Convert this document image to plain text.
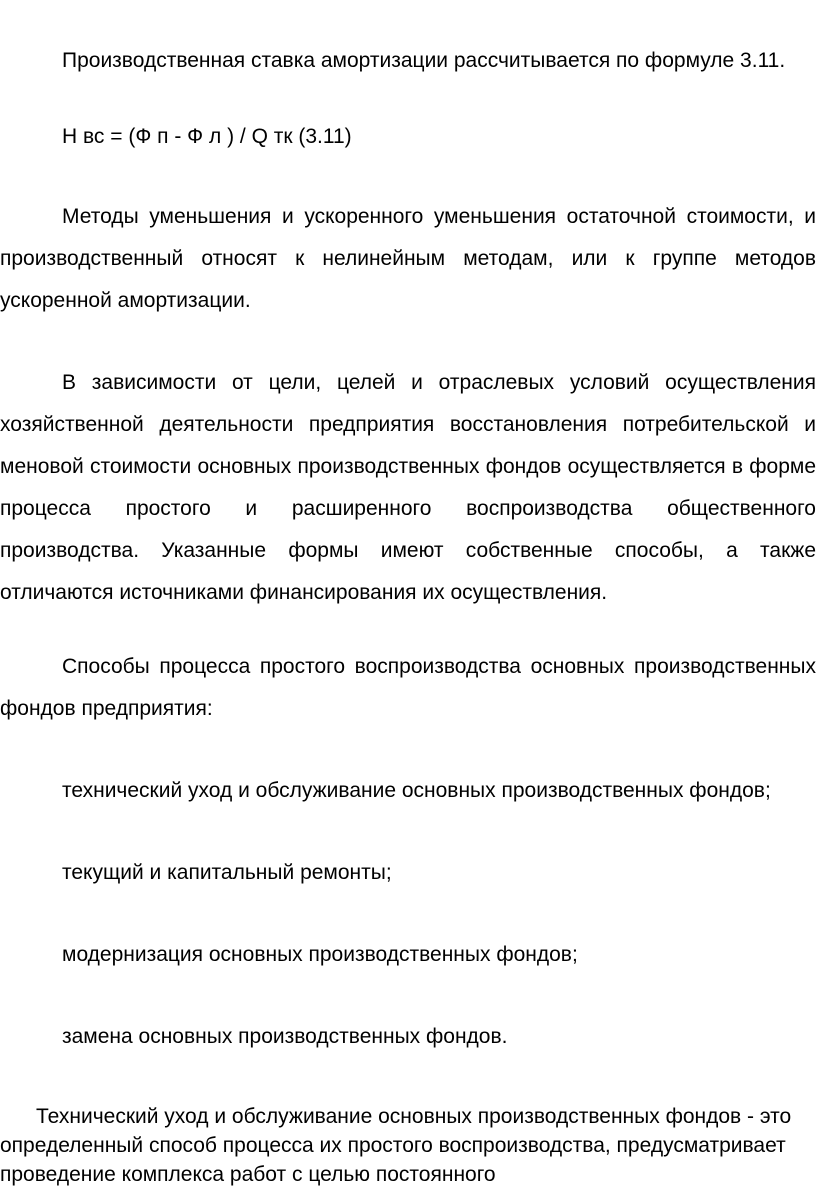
Производственная ставка амортизации рассчитывается по формуле 3.11.

Н вс = (Ф п - Ф л ) / Q тк (3.11)

Методы уменьшения и ускоренного уменьшения остаточной стоимости, и производственный относят к нелинейным методам, или к группе методов ускоренной амортизации.

В зависимости от цели, целей и отраслевых условий осуществления хозяйственной деятельности предприятия восстановления потребительской и меновой стоимости основных производственных фондов осуществляется в форме процесса простого и расширенного воспроизводства общественного производства. Указанные формы имеют собственные способы, а также отличаются источниками финансирования их осуществления.

Способы процесса простого воспроизводства основных производственных фондов предприятия:

технический уход и обслуживание основных производственных фондов;

текущий и капитальный ремонты;

модернизация основных производственных фондов;

замена основных производственных фондов.

Технический уход и обслуживание основных производственных фондов - это определенный способ процесса их простого воспроизводства, предусматривает проведение комплекса работ с целью постоянного
